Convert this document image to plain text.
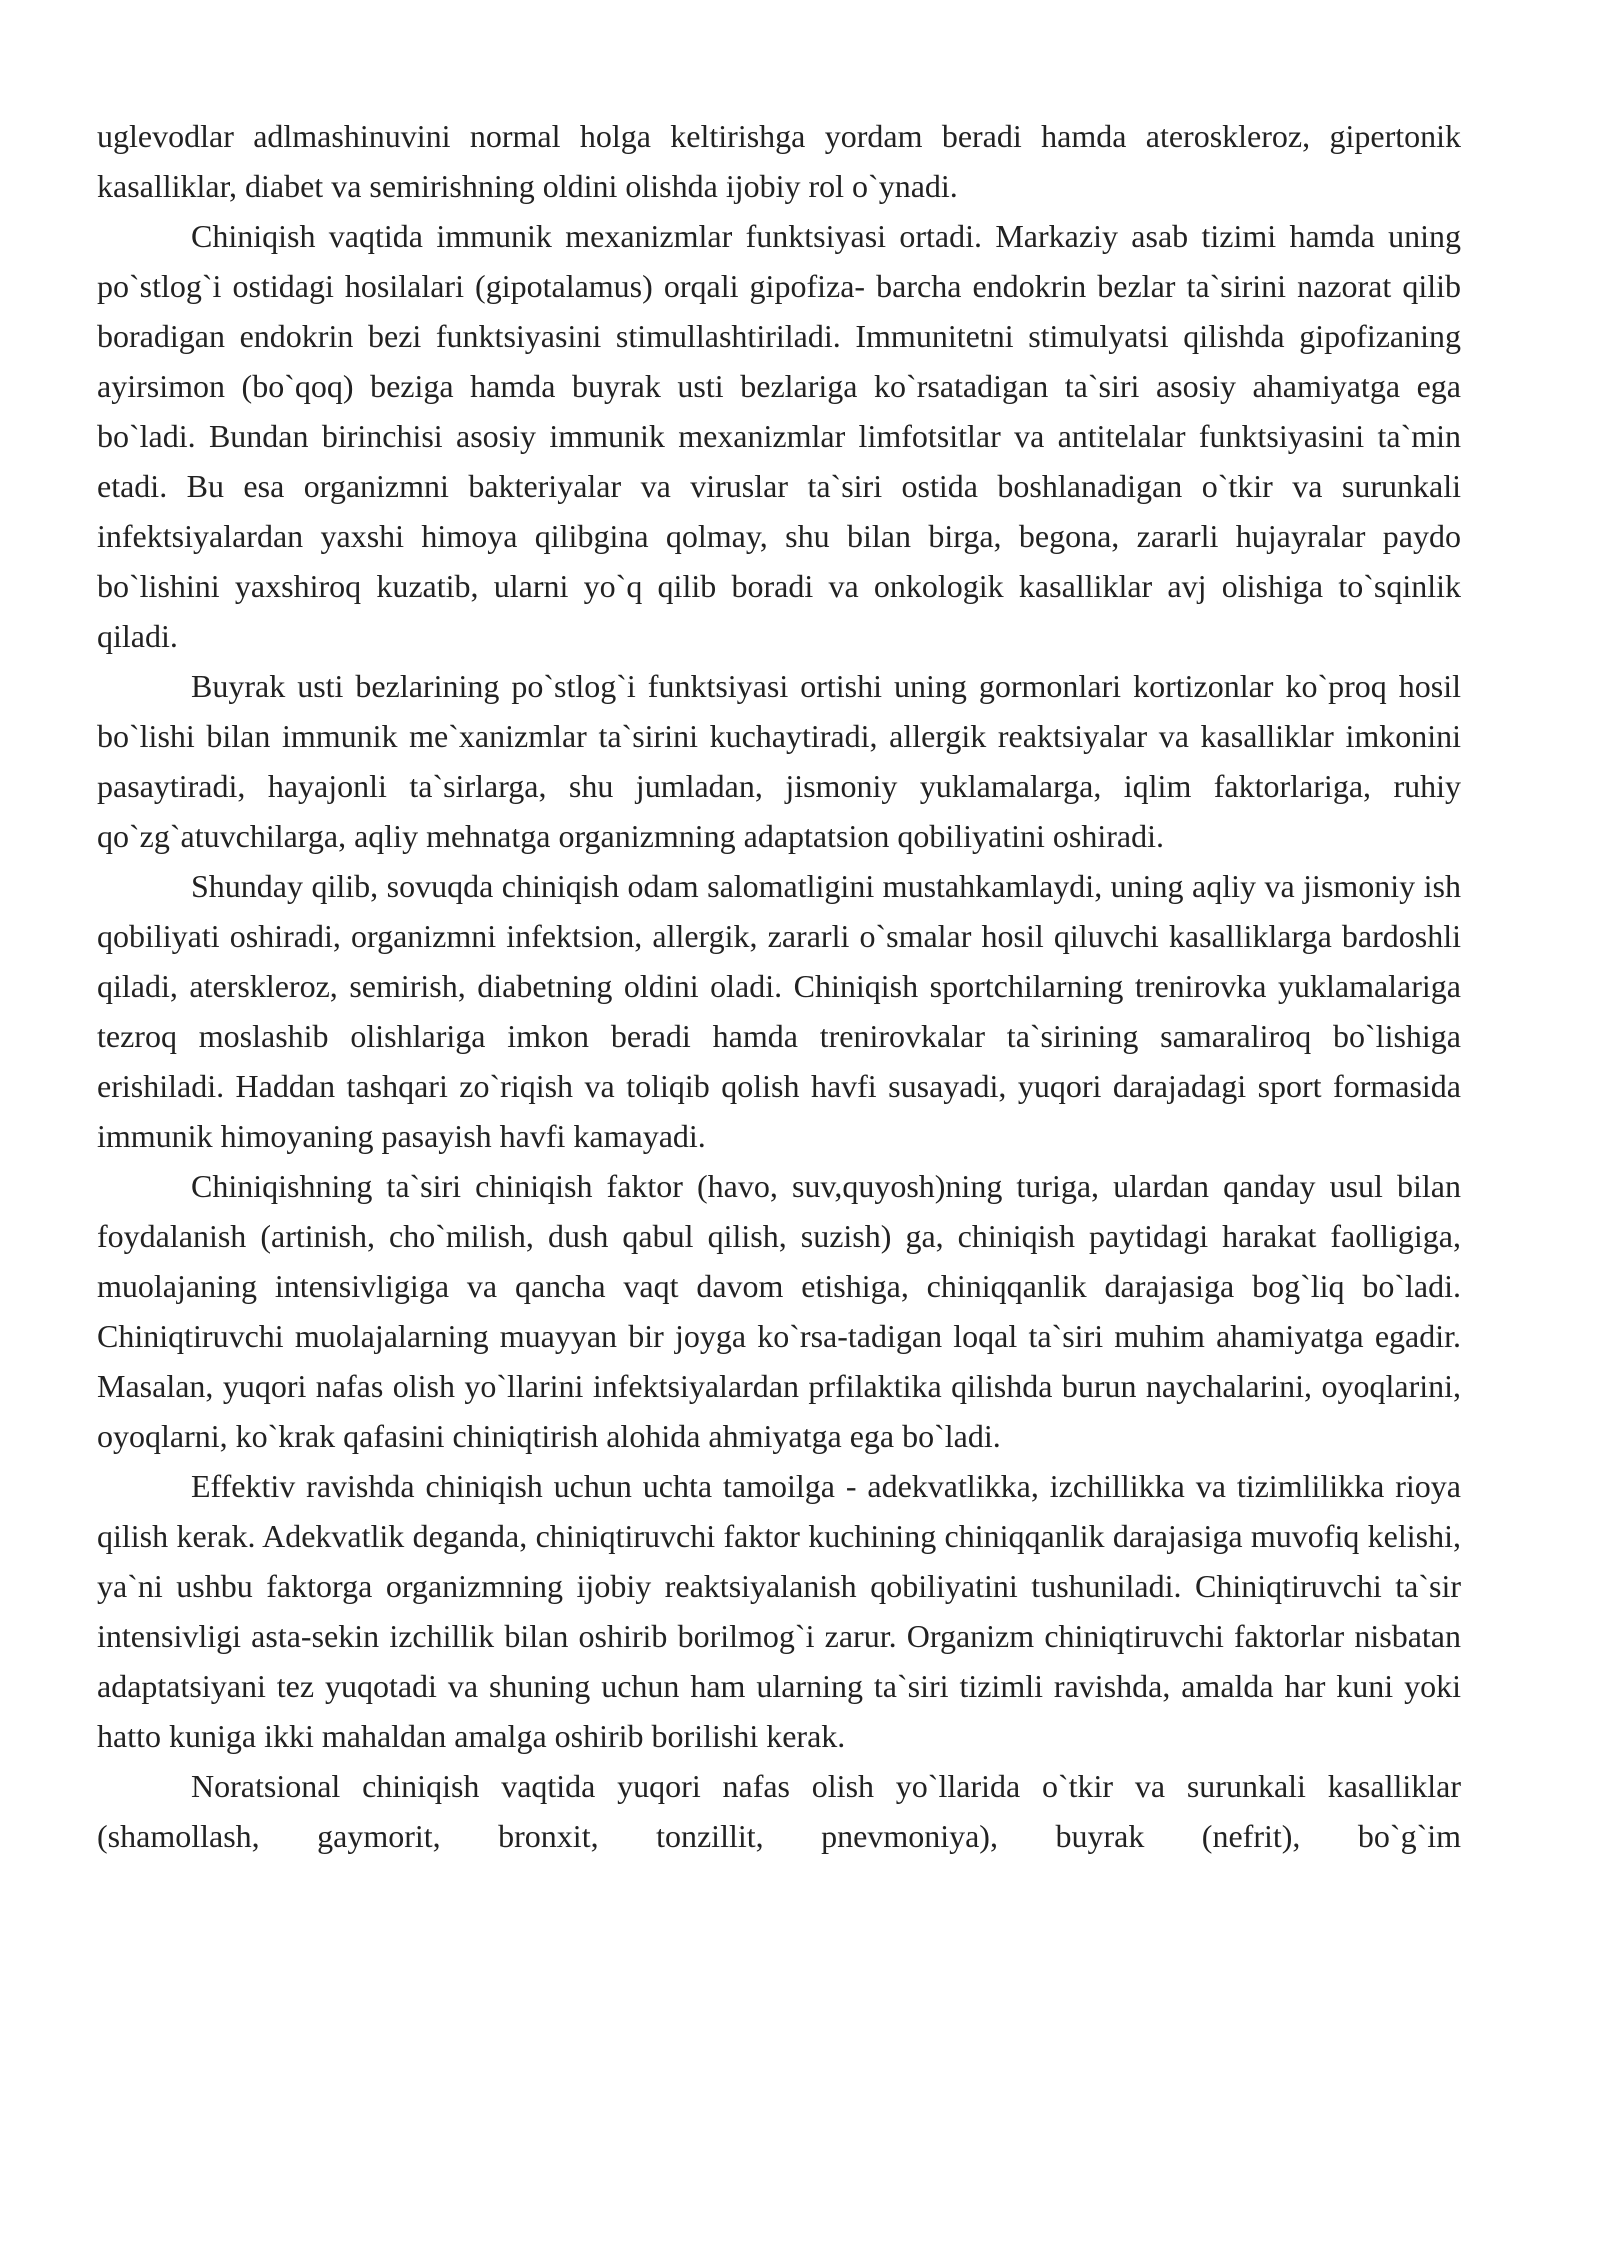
uglevodlar adlmashinuvini normal holga keltirishga yordam beradi hamda ateroskleroz, gipertonik kasalliklar, diabet va semirishning oldini olishda ijobiy rol o`ynadi.

Chiniqish vaqtida immunik mexanizmlar funktsiyasi ortadi. Markaziy asab tizimi hamda uning po`stlog`i ostidagi hosilalari (gipotalamus) orqali gipofiza- barcha endokrin bezlar ta`sirini nazorat qilib boradigan endokrin bezi funktsiyasini stimullashtiriladi. Immunitetni stimulyatsi qilishda gipofizaning ayirsimon (bo`qoq) beziga hamda buyrak usti bezlariga ko`rsatadigan ta`siri asosiy ahamiyatga ega bo`ladi. Bundan birinchisi asosiy immunik mexanizmlar limfotsitlar va antitelalar funktsiyasini ta`min etadi. Bu esa organizmni bakteriyalar va viruslar ta`siri ostida boshlanadigan o`tkir va surunkali infektsiyalardan yaxshi himoya qilibgina qolmay, shu bilan birga, begona, zararli hujayralar paydo bo`lishini yaxshiroq kuzatib, ularni yo`q qilib boradi va onkologik kasalliklar avj olishiga to`sqinlik qiladi.

Buyrak usti bezlarining po`stlog`i funktsiyasi ortishi uning gormonlari kortizonlar ko`proq hosil bo`lishi bilan immunik me`xanizmlar ta`sirini kuchaytiradi, allergik reaktsiyalar va kasalliklar imkonini pasaytiradi, hayajonli ta`sirlarga, shu jumladan, jismoniy yuklamalarga, iqlim faktorlariga, ruhiy qo`zg`atuvchilarga, aqliy mehnatga organizmning adaptatsion qobiliyatini oshiradi.

Shunday qilib, sovuqda chiniqish odam salomatligini mustahkamlaydi, uning aqliy va jismoniy ish qobiliyati oshiradi, organizmni infektsion, allergik, zararli o`smalar hosil qiluvchi kasalliklarga bardoshli qiladi, aterskleroz, semirish, diabetning oldini oladi. Chiniqish sportchilarning trenirovka yuklamalariga tezroq moslashib olishlariga imkon beradi hamda trenirovkalar ta`sirining samaraliroq bo`lishiga erishiladi. Haddan tashqari zo`riqish va toliqib qolish havfi susayadi, yuqori darajadagi sport formasida immunik himoyaning pasayish havfi kamayadi.

Chiniqishning ta`siri chiniqish faktor (havo, suv,quyosh)ning turiga, ulardan qanday usul bilan foydalanish (artinish, cho`milish, dush qabul qilish, suzish) ga, chiniqish paytidagi harakat faolligiga, muolajaning intensivligiga va qancha vaqt davom etishiga, chiniqqanlik darajasiga bog`liq bo`ladi. Chiniqtiruvchi muolajalarning muayyan bir joyga ko`rsa-tadigan loqal ta`siri muhim ahamiyatga egadir. Masalan, yuqori nafas olish yo`llarini infektsiyalardan prfilaktika qilishda burun naychalarini, oyoqlarini, oyoqlarni, ko`krak qafasini chiniqtirish alohida ahmiyatga ega bo`ladi.

Effektiv ravishda chiniqish uchun uchta tamoilga - adekvatlikka, izchillikka va tizimlilikka rioya qilish kerak. Adekvatlik deganda, chiniqtiruvchi faktor kuchining chiniqqanlik darajasiga muvofiq kelishi, ya`ni ushbu faktorga organizmning ijobiy reaktsiyalanish qobiliyatini tushuniladi. Chiniqtiruvchi ta`sir intensivligi asta-sekin izchillik bilan oshirib borilmog`i zarur. Organizm chiniqtiruvchi faktorlar nisbatan adaptatsiyani tez yuqotadi va shuning uchun ham ularning ta`siri tizimli ravishda, amalda har kuni yoki hatto kuniga ikki mahaldan amalga oshirib borilishi kerak.

Noratsional chiniqish vaqtida yuqori nafas olish yo`llarida o`tkir va surunkali kasalliklar (shamollash, gaymorit, bronxit, tonzillit, pnevmoniya), buyrak (nefrit), bo`g`im
